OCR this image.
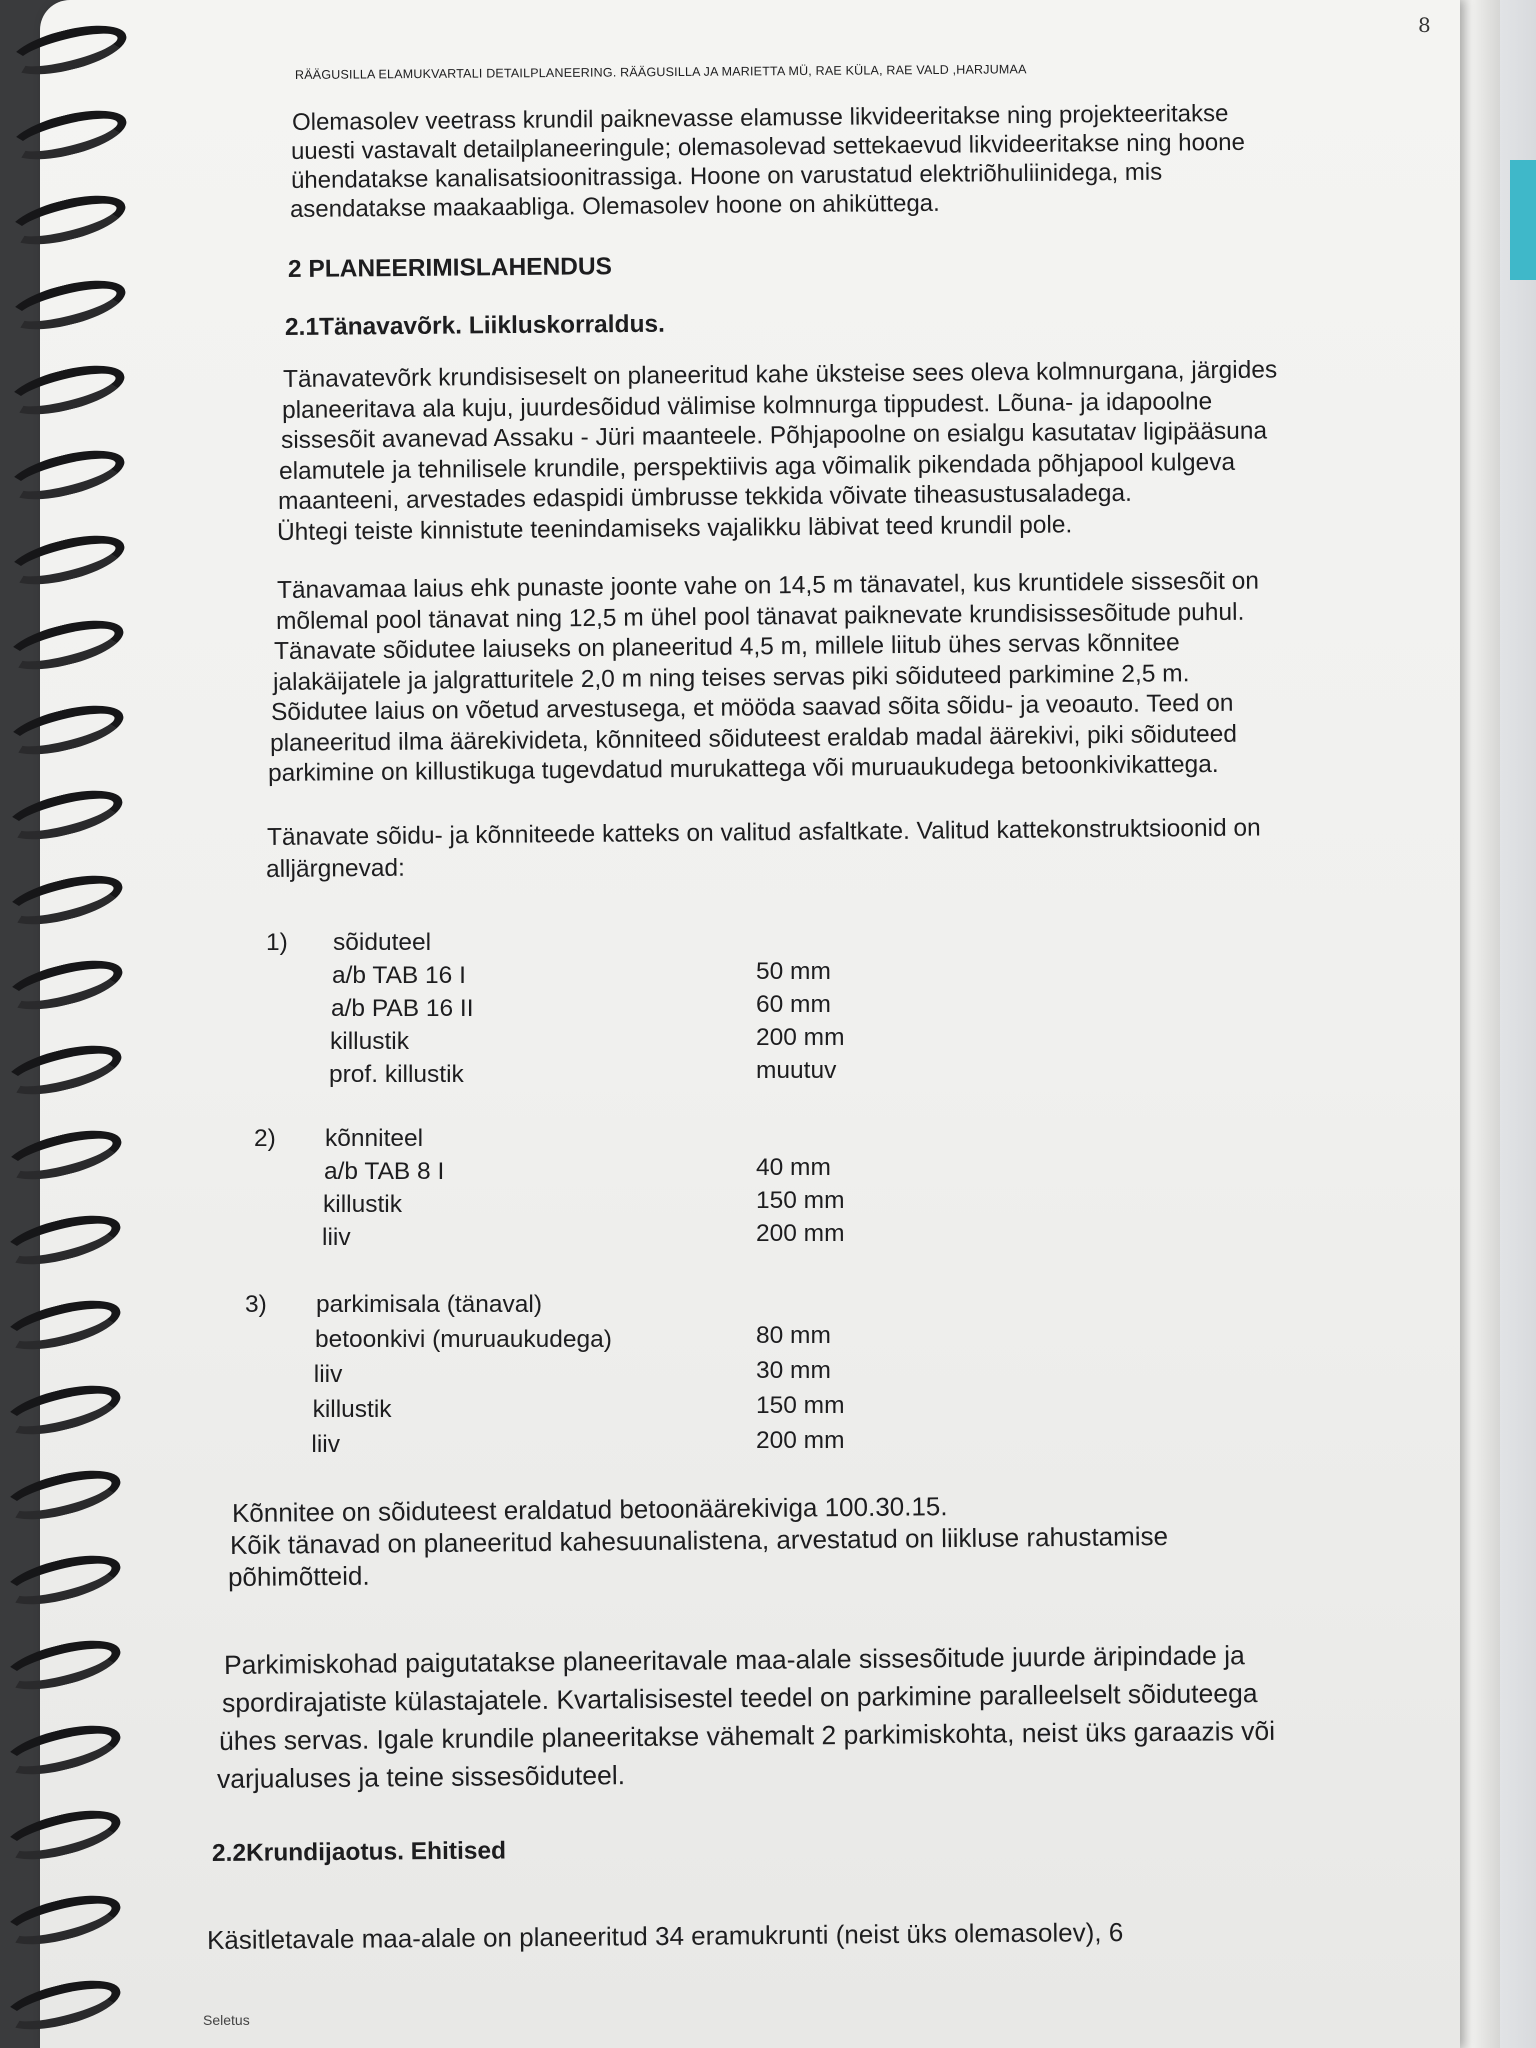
8
RÄÄGUSILLA ELAMUKVARTALI DETAILPLANEERING. RÄÄGUSILLA JA MARIETTA MÜ, RAE KÜLA, RAE VALD ,HARJUMAA
Olemasolev veetrass krundil paiknevasse elamusse likvideeritakse ning projekteeritakse
uuesti vastavalt detailplaneeringule; olemasolevad settekaevud likvideeritakse ning hoone
ühendatakse kanalisatsioonitrassiga. Hoone on varustatud elektriõhuliinidega, mis
asendatakse maakaabliga. Olemasolev hoone on ahiküttega.
2 PLANEERIMISLAHENDUS
2.1Tänavavõrk. Liikluskorraldus.
Tänavatevõrk krundisiseselt on planeeritud kahe üksteise sees oleva kolmnurgana, järgides
planeeritava ala kuju, juurdesõidud välimise kolmnurga tippudest. Lõuna- ja idapoolne
sissesõit avanevad Assaku - Jüri maanteele. Põhjapoolne on esialgu kasutatav ligipääsuna
elamutele ja tehnilisele krundile, perspektiivis aga võimalik pikendada põhjapool kulgeva
maanteeni, arvestades edaspidi ümbrusse tekkida võivate tiheasustusaladega.
Ühtegi teiste kinnistute teenindamiseks vajalikku läbivat teed krundil pole.
Tänavamaa laius ehk punaste joonte vahe on 14,5 m tänavatel, kus kruntidele sissesõit on
mõlemal pool tänavat ning 12,5 m ühel pool tänavat paiknevate krundisissesõitude puhul.
Tänavate sõidutee laiuseks on planeeritud 4,5 m, millele liitub ühes servas kõnnitee
jalakäijatele ja jalgratturitele 2,0 m ning teises servas piki sõiduteed parkimine 2,5 m.
Sõidutee laius on võetud arvestusega, et mööda saavad sõita sõidu- ja veoauto. Teed on
planeeritud ilma äärekivideta, kõnniteed sõiduteest eraldab madal äärekivi, piki sõiduteed
parkimine on killustikuga tugevdatud murukattega või muruaukudega betoonkivikattega.
Tänavate sõidu- ja kõnniteede katteks on valitud asfaltkate. Valitud kattekonstruktsioonid on
alljärgnevad:
1) sõiduteel
a/b TAB 16 I	50 mm
a/b PAB 16 II	60 mm
killustik	200 mm
prof. killustik	muutuv
2) kõnniteel
a/b TAB 8 I	40 mm
killustik	150 mm
liiv	200 mm
3) parkimisala (tänaval)
betoonkivi (muruaukudega)	80 mm
liiv	30 mm
killustik	150 mm
liiv	200 mm
Kõnnitee on sõiduteest eraldatud betoonäärekiviga 100.30.15.
Kõik tänavad on planeeritud kahesuunalistena, arvestatud on liikluse rahustamise
põhimõtteid.
Parkimiskohad paigutatakse planeeritavale maa-alale sissesõitude juurde äripindade ja
spordirajatiste külastajatele. Kvartalisisestel teedel on parkimine paralleelselt sõiduteega
ühes servas. Igale krundile planeeritakse vähemalt 2 parkimiskohta, neist üks garaazis või
varjualuses ja teine sissesõiduteel.
2.2Krundijaotus. Ehitised
Käsitletavale maa-alale on planeeritud 34 eramukrunti (neist üks olemasolev), 6
Seletus
